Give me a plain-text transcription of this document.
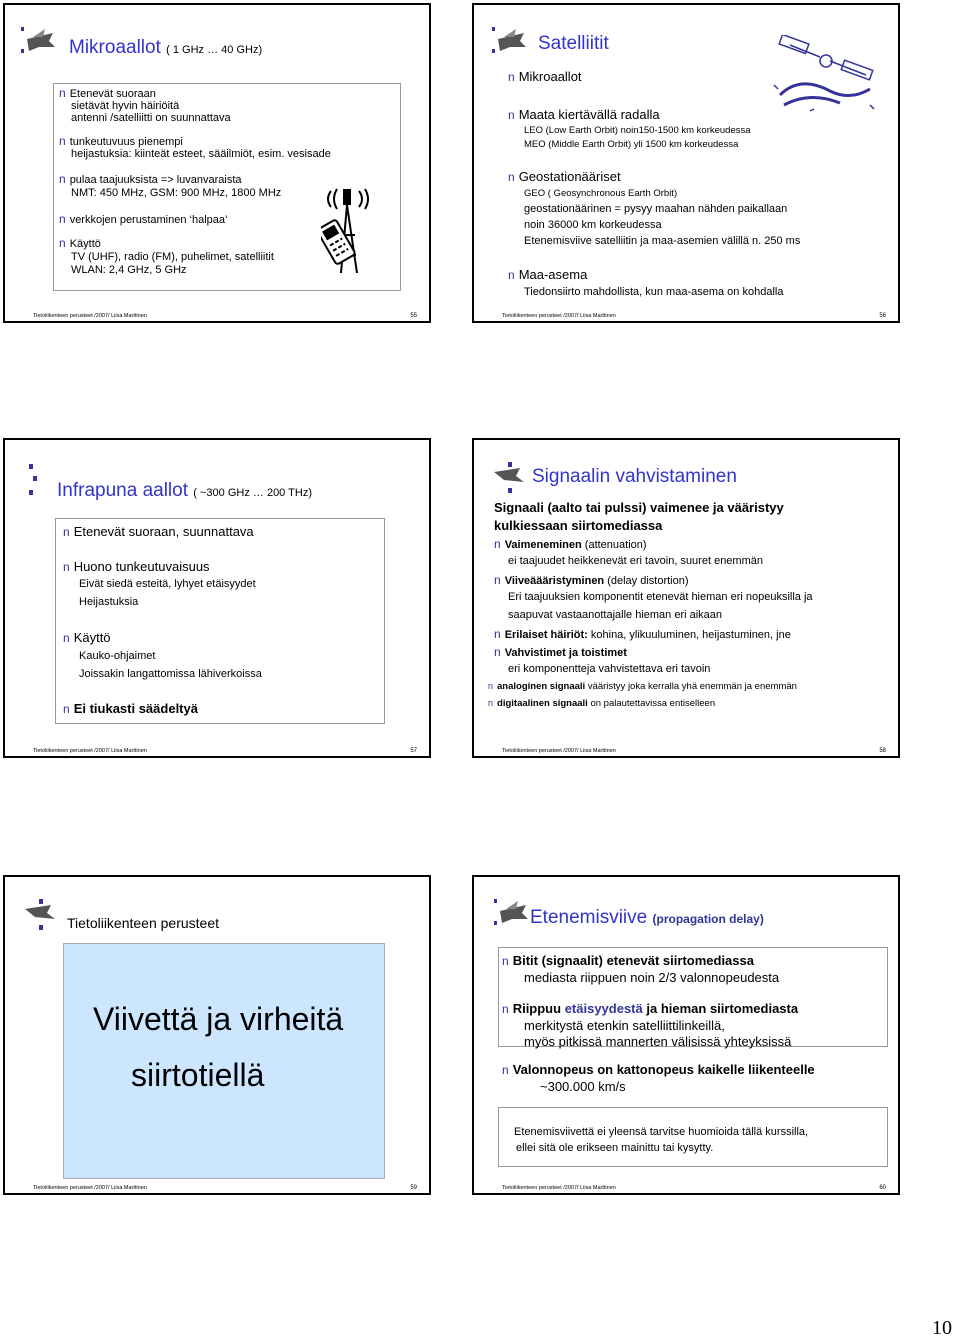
Mikroaallot ( 1 GHz … 40 GHz)
n Etenevät suoraan
sietävät hyvin häiriöitä
antenni /satelliitti on suunnattava
n tunkeutuvuus pienempi
heijastuksia: kiinteät esteet, sääilmiöt, esim. vesisade
n pulaa taajuuksista => luvanvaraista
NMT: 450 MHz, GSM: 900 MHz, 1800 MHz
n verkkojen perustaminen ‘halpaa’
n Käyttö
TV (UHF), radio (FM), puhelimet, satelliitit
WLAN: 2,4 GHz, 5 GHz
Tietoliikenteen perusteet /2007/ Liisa Marttinen	55
Satelliitit
n Mikroaallot
n Maata kiertävällä radalla
LEO (Low Earth Orbit) noin150-1500 km korkeudessa
MEO (Middle Earth Orbit) yli 1500 km korkeudessa
n Geostationääriset
GEO ( Geosynchronous Earth Orbit)
geostationäärinen = pysyy maahan nähden paikallaan
noin 36000 km korkeudessa
Etenemisviive satelliitin ja maa-asemien välillä n. 250 ms
n Maa-asema
Tiedonsiirto mahdollista, kun maa-asema on kohdalla
Tietoliikenteen perusteet /2007/ Liisa Marttinen	56
Infrapuna aallot ( ~300 GHz … 200 THz)
n Etenevät suoraan, suunnattava
n Huono tunkeutuvaisuus
Eivät siedä esteitä, lyhyet etäisyydet
Heijastuksia
n Käyttö
Kauko-ohjaimet
Joissakin langattomissa lähiverkoissa
n Ei tiukasti säädeltyä
Tietoliikenteen perusteet /2007/ Liisa Marttinen	57
Signaalin vahvistaminen
Signaali (aalto tai pulssi) vaimenee ja vääristyy
kulkiessaan siirtomediassa
n Vaimeneminen (attenuation)
ei taajuudet heikkenevät eri tavoin, suuret enemmän
n Viiveäääristyminen (delay distortion)
Eri taajuuksien komponentit etenevät hieman eri nopeuksilla ja
saapuvat vastaanottajalle hieman eri aikaan
n Erilaiset häiriöt: kohina, ylikuuluminen, heijastuminen, jne
n Vahvistimet ja toistimet
eri komponentteja vahvistettava eri tavoin
n analoginen signaali vääristyy joka kerralla yhä enemmän ja enemmän
n digitaalinen signaali on palautettavissa entiselleen
Tietoliikenteen perusteet /2007/ Liisa Marttinen	58
Tietoliikenteen perusteet
Viivettä ja virheitä
siirtotiellä
Tietoliikenteen perusteet /2007/ Liisa Marttinen	59
Etenemisviive (propagation delay)
n Bitit (signaalit) etenevät siirtomediassa
mediasta riippuen noin 2/3 valonnopeudesta
n Riippuu etäisyydestä ja hieman siirtomediasta
merkitystä etenkin satelliittilinkeillä,
myös pitkissä mannerten välisissä yhteyksissä
n Valonnopeus on kattonopeus kaikelle liikenteelle
~300.000 km/s
Etenemisviivettä ei yleensä tarvitse huomioida tällä kurssilla,
ellei sitä ole erikseen mainittu tai kysytty.
Tietoliikenteen perusteet /2007/ Liisa Marttinen	60
10
